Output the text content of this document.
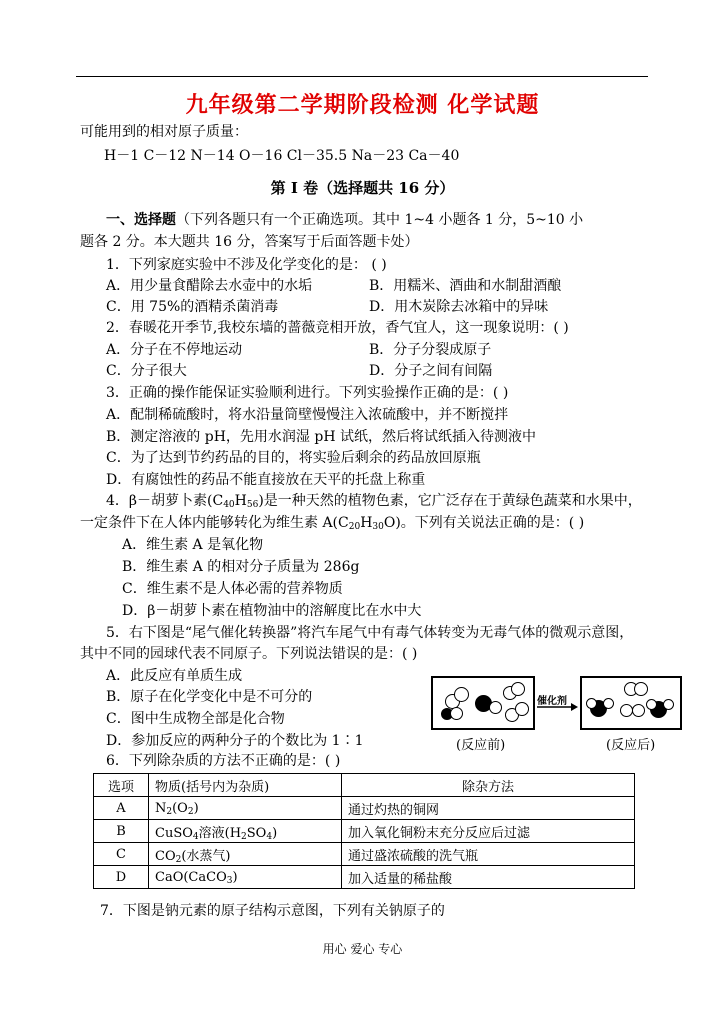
九年级第二学期阶段检测 化学试题
可能用到的相对原子质量：
H－1 C－12 N－14 O－16 Cl－35.5 Na－23 Ca－40
第 I 卷（选择题共 16 分）
一、选择题（下列各题只有一个正确选项。其中 1~4 小题各 1 分，5~10 小
题各 2 分。本大题共 16 分，答案写于后面答题卡处）
1．下列家庭实验中不涉及化学变化的是： ( )
A．用少量食醋除去水壶中的水垢	B．用糯米、酒曲和水制甜酒酿
C．用 75%的酒精杀菌消毒	D．用木炭除去冰箱中的异味
2．春暖花开季节,我校东墙的蔷薇竞相开放，香气宜人，这一现象说明：( )
A．分子在不停地运动	B．分子分裂成原子
C．分子很大	D．分子之间有间隔
3．正确的操作能保证实验顺利进行。下列实验操作正确的是：( )
A．配制稀硫酸时，将水沿量筒壁慢慢注入浓硫酸中，并不断搅拌
B．测定溶液的 pH，先用水润湿 pH 试纸，然后将试纸插入待测液中
C．为了达到节约药品的目的，将实验后剩余的药品放回原瓶
D．有腐蚀性的药品不能直接放在天平的托盘上称重
4．β－胡萝卜素$(C_{40}H_{56})$是一种天然的植物色素，它广泛存在于黄绿色蔬菜和水果中，
一定条件下在人体内能够转化为维生素 $A(C_{20}H_{30}O)$。下列有关说法正确的是：( )
A．维生素 A 是氧化物
B．维生素 A 的相对分子质量为 286g
C．维生素不是人体必需的营养物质
D．β－胡萝卜素在植物油中的溶解度比在水中大
5．右下图是“尾气催化转换器”将汽车尾气中有毒气体转变为无毒气体的微观示意图，
其中不同的园球代表不同原子。下列说法错误的是：( )
A．此反应有单质生成
B．原子在化学变化中是不可分的
C．图中生成物全部是化合物
D．参加反应的两种分子的个数比为 1∶1
催化剂
(反应前)	(反应后)
6．下列除杂质的方法不正确的是：( )
选项	物质(括号内为杂质)	除杂方法
A	$N_2(O_2)$	通过灼热的铜网
B	CuSO$_4$溶液$(H_2SO_4)$	加入氧化铜粉末充分反应后过滤
C	$CO_2$(水蒸气)	通过盛浓硫酸的洗气瓶
D	CaO(CaCO$_3$)	加入适量的稀盐酸
7．下图是钠元素的原子结构示意图，下列有关钠原子的
用心 爱心 专心
